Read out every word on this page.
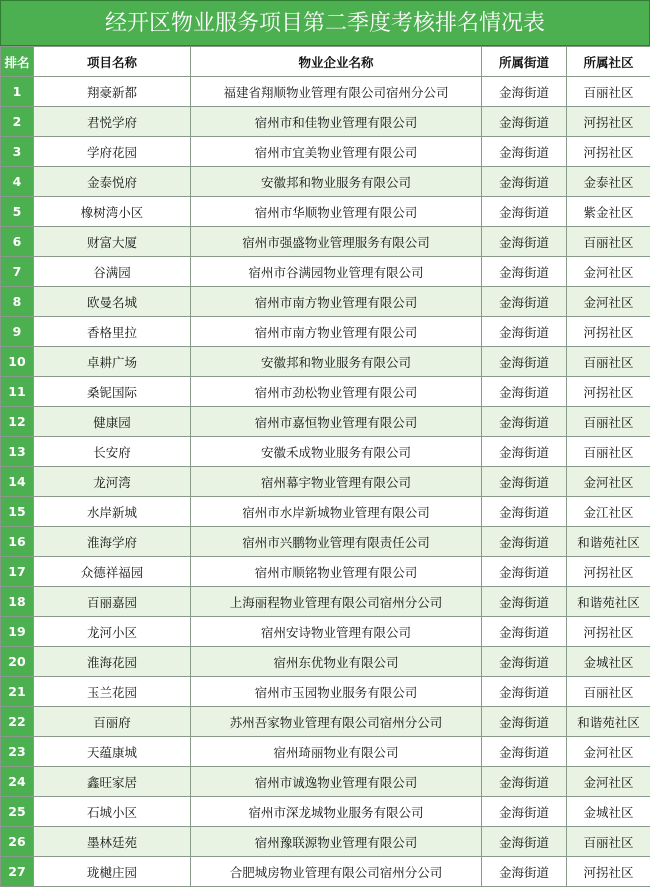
经开区物业服务项目第二季度考核排名情况表
排名	项目名称	物业企业名称	所属街道	所属社区
1	翔豪新都	福建省翔顺物业管理有限公司宿州分公司	金海街道	百丽社区
2	君悦学府	宿州市和佳物业管理有限公司	金海街道	河拐社区
3	学府花园	宿州市宜美物业管理有限公司	金海街道	河拐社区
4	金泰悦府	安徽邦和物业服务有限公司	金海街道	金泰社区
5	橡树湾小区	宿州市华顺物业管理有限公司	金海街道	紫金社区
6	财富大厦	宿州市强盛物业管理服务有限公司	金海街道	百丽社区
7	谷满园	宿州市谷满园物业管理有限公司	金海街道	金河社区
8	欧曼名城	宿州市南方物业管理有限公司	金海街道	金河社区
9	香格里拉	宿州市南方物业管理有限公司	金海街道	河拐社区
10	卓耕广场	安徽邦和物业服务有限公司	金海街道	百丽社区
11	桑铌国际	宿州市劲松物业管理有限公司	金海街道	河拐社区
12	健康园	宿州市嘉恒物业管理有限公司	金海街道	百丽社区
13	长安府	安徽禾成物业服务有限公司	金海街道	百丽社区
14	龙河湾	宿州幕宇物业管理有限公司	金海街道	金河社区
15	水岸新城	宿州市水岸新城物业管理有限公司	金海街道	金江社区
16	淮海学府	宿州市兴鹏物业管理有限责任公司	金海街道	和谐苑社区
17	众德祥福园	宿州市顺铭物业管理有限公司	金海街道	河拐社区
18	百丽嘉园	上海丽程物业管理有限公司宿州分公司	金海街道	和谐苑社区
19	龙河小区	宿州安诗物业管理有限公司	金海街道	河拐社区
20	淮海花园	宿州东优物业有限公司	金海街道	金城社区
21	玉兰花园	宿州市玉园物业服务有限公司	金海街道	百丽社区
22	百丽府	苏州吾家物业管理有限公司宿州分公司	金海街道	和谐苑社区
23	天蕴康城	宿州琦丽物业有限公司	金海街道	金河社区
24	鑫旺家居	宿州市诚逸物业管理有限公司	金海街道	金河社区
25	石城小区	宿州市深龙城物业服务有限公司	金海街道	金城社区
26	墨林廷苑	宿州豫联源物业管理有限公司	金海街道	百丽社区
27	珑樾庄园	合肥城房物业管理有限公司宿州分公司	金海街道	河拐社区
